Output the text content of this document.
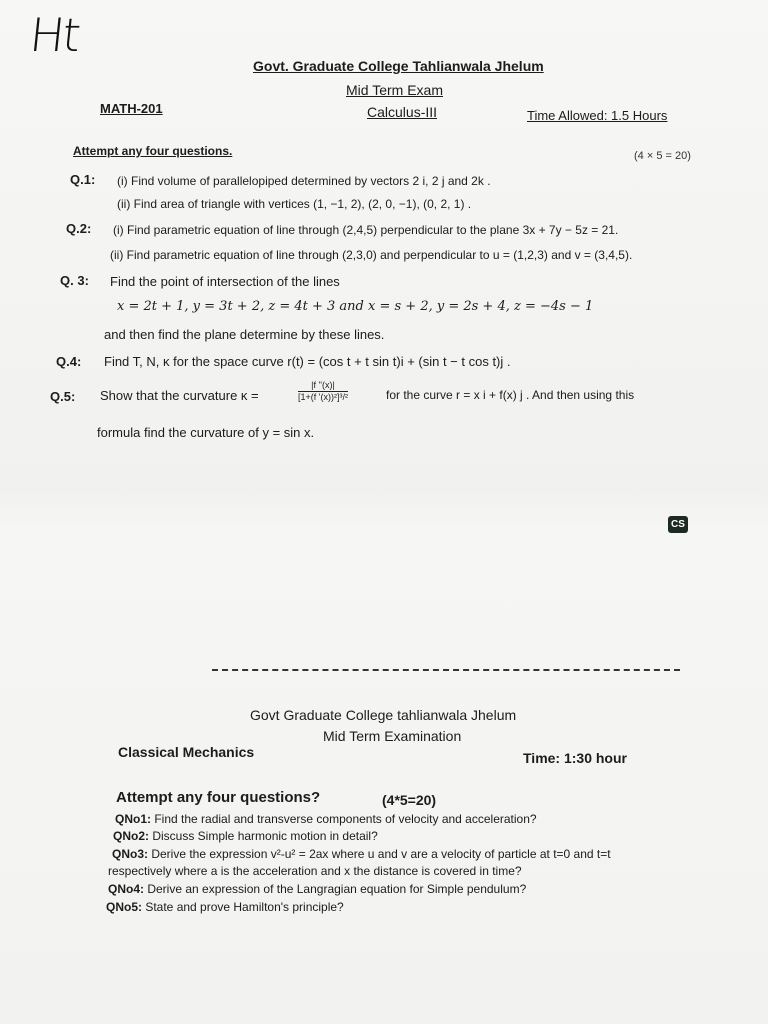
Ht
Govt. Graduate College Tahlianwala Jhelum
Mid Term Exam
MATH-201	Calculus-III	Time Allowed: 1.5 Hours
Attempt any four questions.	(4 × 5 = 20)
Q.1: (i) Find volume of parallelopiped determined by vectors 2 i, 2 j and 2k .
(ii) Find area of triangle with vertices (1, −1, 2), (2, 0, −1), (0, 2, 1) .
Q.2: (i) Find parametric equation of line through (2,4,5) perpendicular to the plane 3x + 7y − 5z = 21.
(ii) Find parametric equation of line through (2,3,0) and perpendicular to u = (1,2,3) and v = (3,4,5).
Q. 3: Find the point of intersection of the lines
x = 2t + 1, y = 3t + 2, z = 4t + 3 and x = s + 2, y = 2s + 4, z = −4s − 1
and then find the plane determine by these lines.
Q.4: Find T, N, κ for the space curve r(t) = (cos t + t sin t)i + (sin t − t cos t)j .
Q.5: Show that the curvature κ =	$\frac{|f ''(x)|}{\text{[1+(f '(x))²]³/²}}$	for the curve r = x i + f(x) j . And then using this
formula find the curvature of y = sin x.
CS
Govt Graduate College tahlianwala Jhelum
Mid Term Examination
Classical Mechanics	Time: 1:30 hour
Attempt any four questions?	(4*5=20)
QNo1: Find the radial and transverse components of velocity and acceleration?
QNo2: Discuss Simple harmonic motion in detail?
QNo3: Derive the expression v²-u² = 2ax where u and v are a velocity of particle at t=0 and t=t
respectively where a is the acceleration and x the distance is covered in time?
QNo4: Derive an expression of the Langragian equation for Simple pendulum?
QNo5: State and prove Hamilton's principle?
